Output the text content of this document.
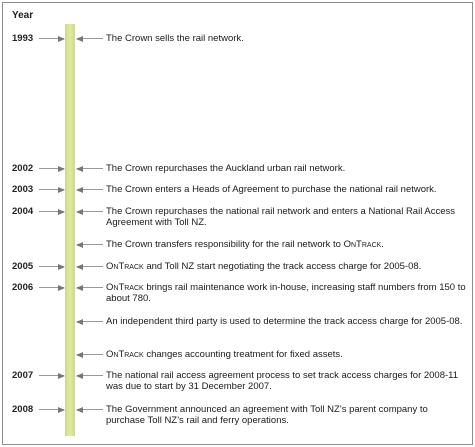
Year
1993	The Crown sells the rail network.
2002	The Crown repurchases the Auckland urban rail network.
2003	The Crown enters a Heads of Agreement to purchase the national rail network.
2004	The Crown repurchases the national rail network and enters a National Rail Access Agreement with Toll NZ.
The Crown transfers responsibility for the rail network to OnTrack.
2005	OnTrack and Toll NZ start negotiating the track access charge for 2005-08.
2006	OnTrack brings rail maintenance work in-house, increasing staff numbers from 150 to about 780.
An independent third party is used to determine the track access charge for 2005-08.
OnTrack changes accounting treatment for fixed assets.
2007	The national rail access agreement process to set track access charges for 2008-11 was due to start by 31 December 2007.
2008	The Government announced an agreement with Toll NZ’s parent company to purchase Toll NZ’s rail and ferry operations.
